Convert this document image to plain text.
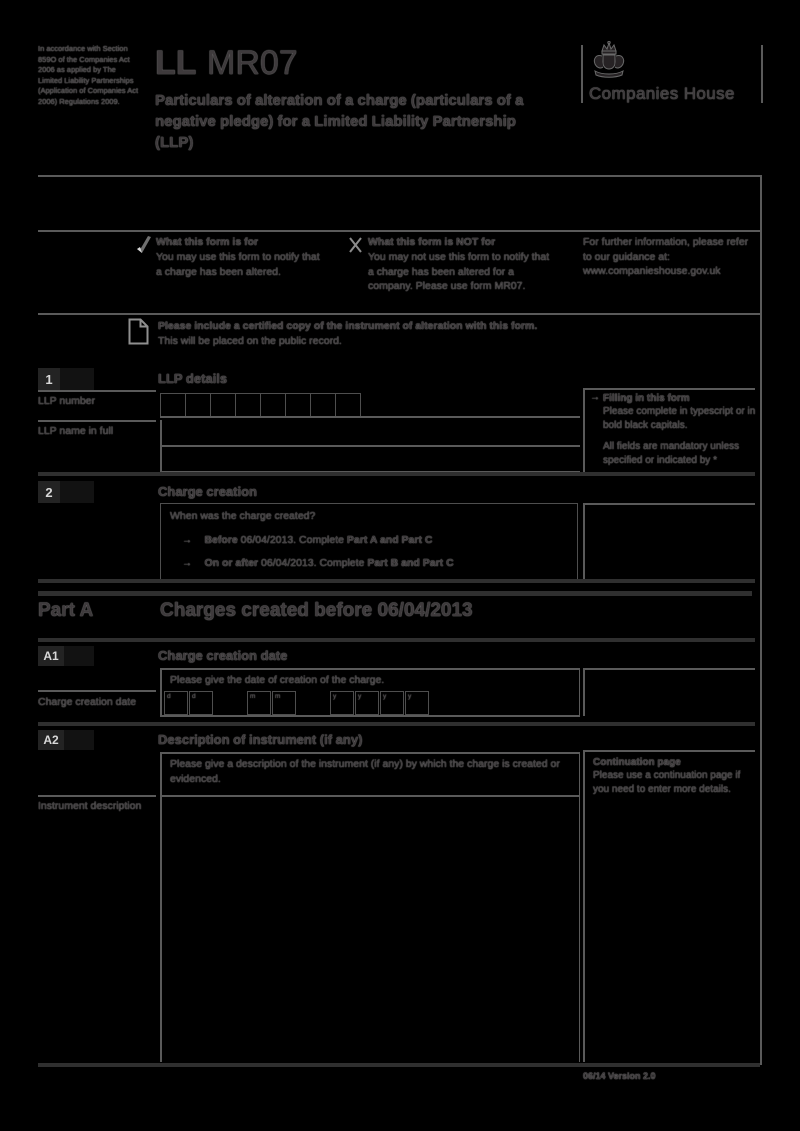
In accordance with Section 859O of the Companies Act 2006 as applied by The Limited Liability Partnerships (Application of Companies Act 2006) Regulations 2009.
LL MR07
Particulars of alteration of a charge (particulars of a negative pledge) for a Limited Liability Partnership (LLP)
Companies House
What this form is for
You may use this form to notify that a charge has been altered.
What this form is NOT for
You may not use this form to notify that a charge has been altered for a company. Please use form MR07.
For further information, please refer to our guidance at:
www.companieshouse.gov.uk
Please include a certified copy of the instrument of alteration with this form.
This will be placed on the public record.
1	LLP details
LLP number
LLP name in full
→ Filling in this form
Please complete in typescript or in bold black capitals.
All fields are mandatory unless specified or indicated by *
2	Charge creation
When was the charge created?
→ Before 06/04/2013. Complete Part A and Part C
→ On or after 06/04/2013. Complete Part B and Part C
Part A	Charges created before 06/04/2013
A1	Charge creation date
Please give the date of creation of the charge.
Charge creation date	d	d	m	m	y	y	y	y
A2	Description of instrument (if any)
Please give a description of the instrument (if any) by which the charge is created or evidenced.
Instrument description
Continuation page
Please use a continuation page if you need to enter more details.
06/14 Version 2.0
